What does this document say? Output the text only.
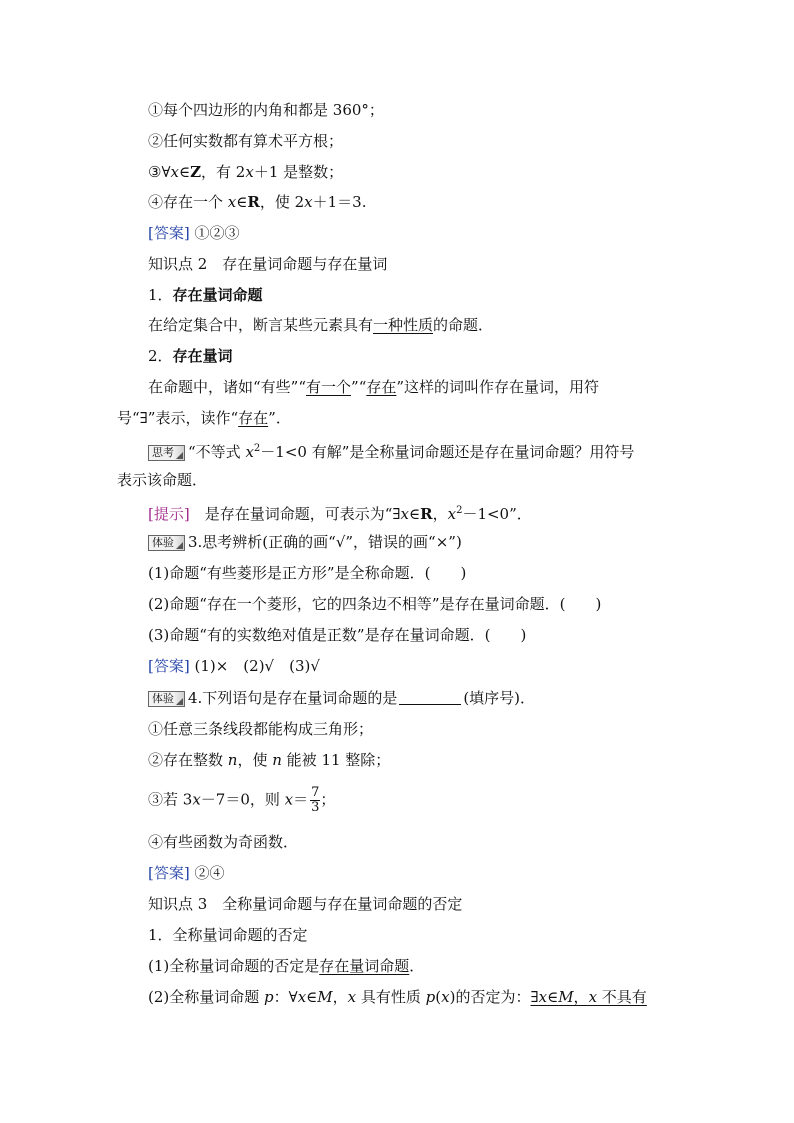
①每个四边形的内角和都是 360°；
②任何实数都有算术平方根；
③∀x∈Z，有 2x＋1 是整数；
④存在一个 x∈R，使 2x＋1＝3.
[答案] ①②③
知识点 2　存在量词命题与存在量词
1．存在量词命题
在给定集合中，断言某些元素具有一种性质的命题．
2．存在量词
在命题中，诸如“有些”“有一个”“存在”这样的词叫作存在量词，用符
号“∃”表示，读作“存在”．
思考 “不等式 $x^2-1<0$ 有解”是全称量词命题还是存在量词命题？用符号
表示该命题．
[提示]　是存在量词命题，可表示为“∃x∈R，$x^2-1<0$”．
体验 3.思考辨析(正确的画“√”，错误的画“×”)
(1)命题“有些菱形是正方形”是全称命题．(　　)
(2)命题“存在一个菱形，它的四条边不相等”是存在量词命题．(　　)
(3)命题“有的实数绝对值是正数”是存在量词命题．(　　)
[答案] (1)×　(2)√　(3)√
体验 4.下列语句是存在量词命题的是	(填序号)．
①任意三条线段都能构成三角形；
②存在整数 n，使 n 能被 11 整除；
③若 3x－7＝0，则 $x= \frac{7}{3}$ ；
④有些函数为奇函数．
[答案] ②④
知识点 3　全称量词命题与存在量词命题的否定
1．全称量词命题的否定
(1)全称量词命题的否定是存在量词命题．
(2)全称量词命题 p：∀x∈M，x 具有性质 p(x)的否定为：∃x∈M，x 不具有
